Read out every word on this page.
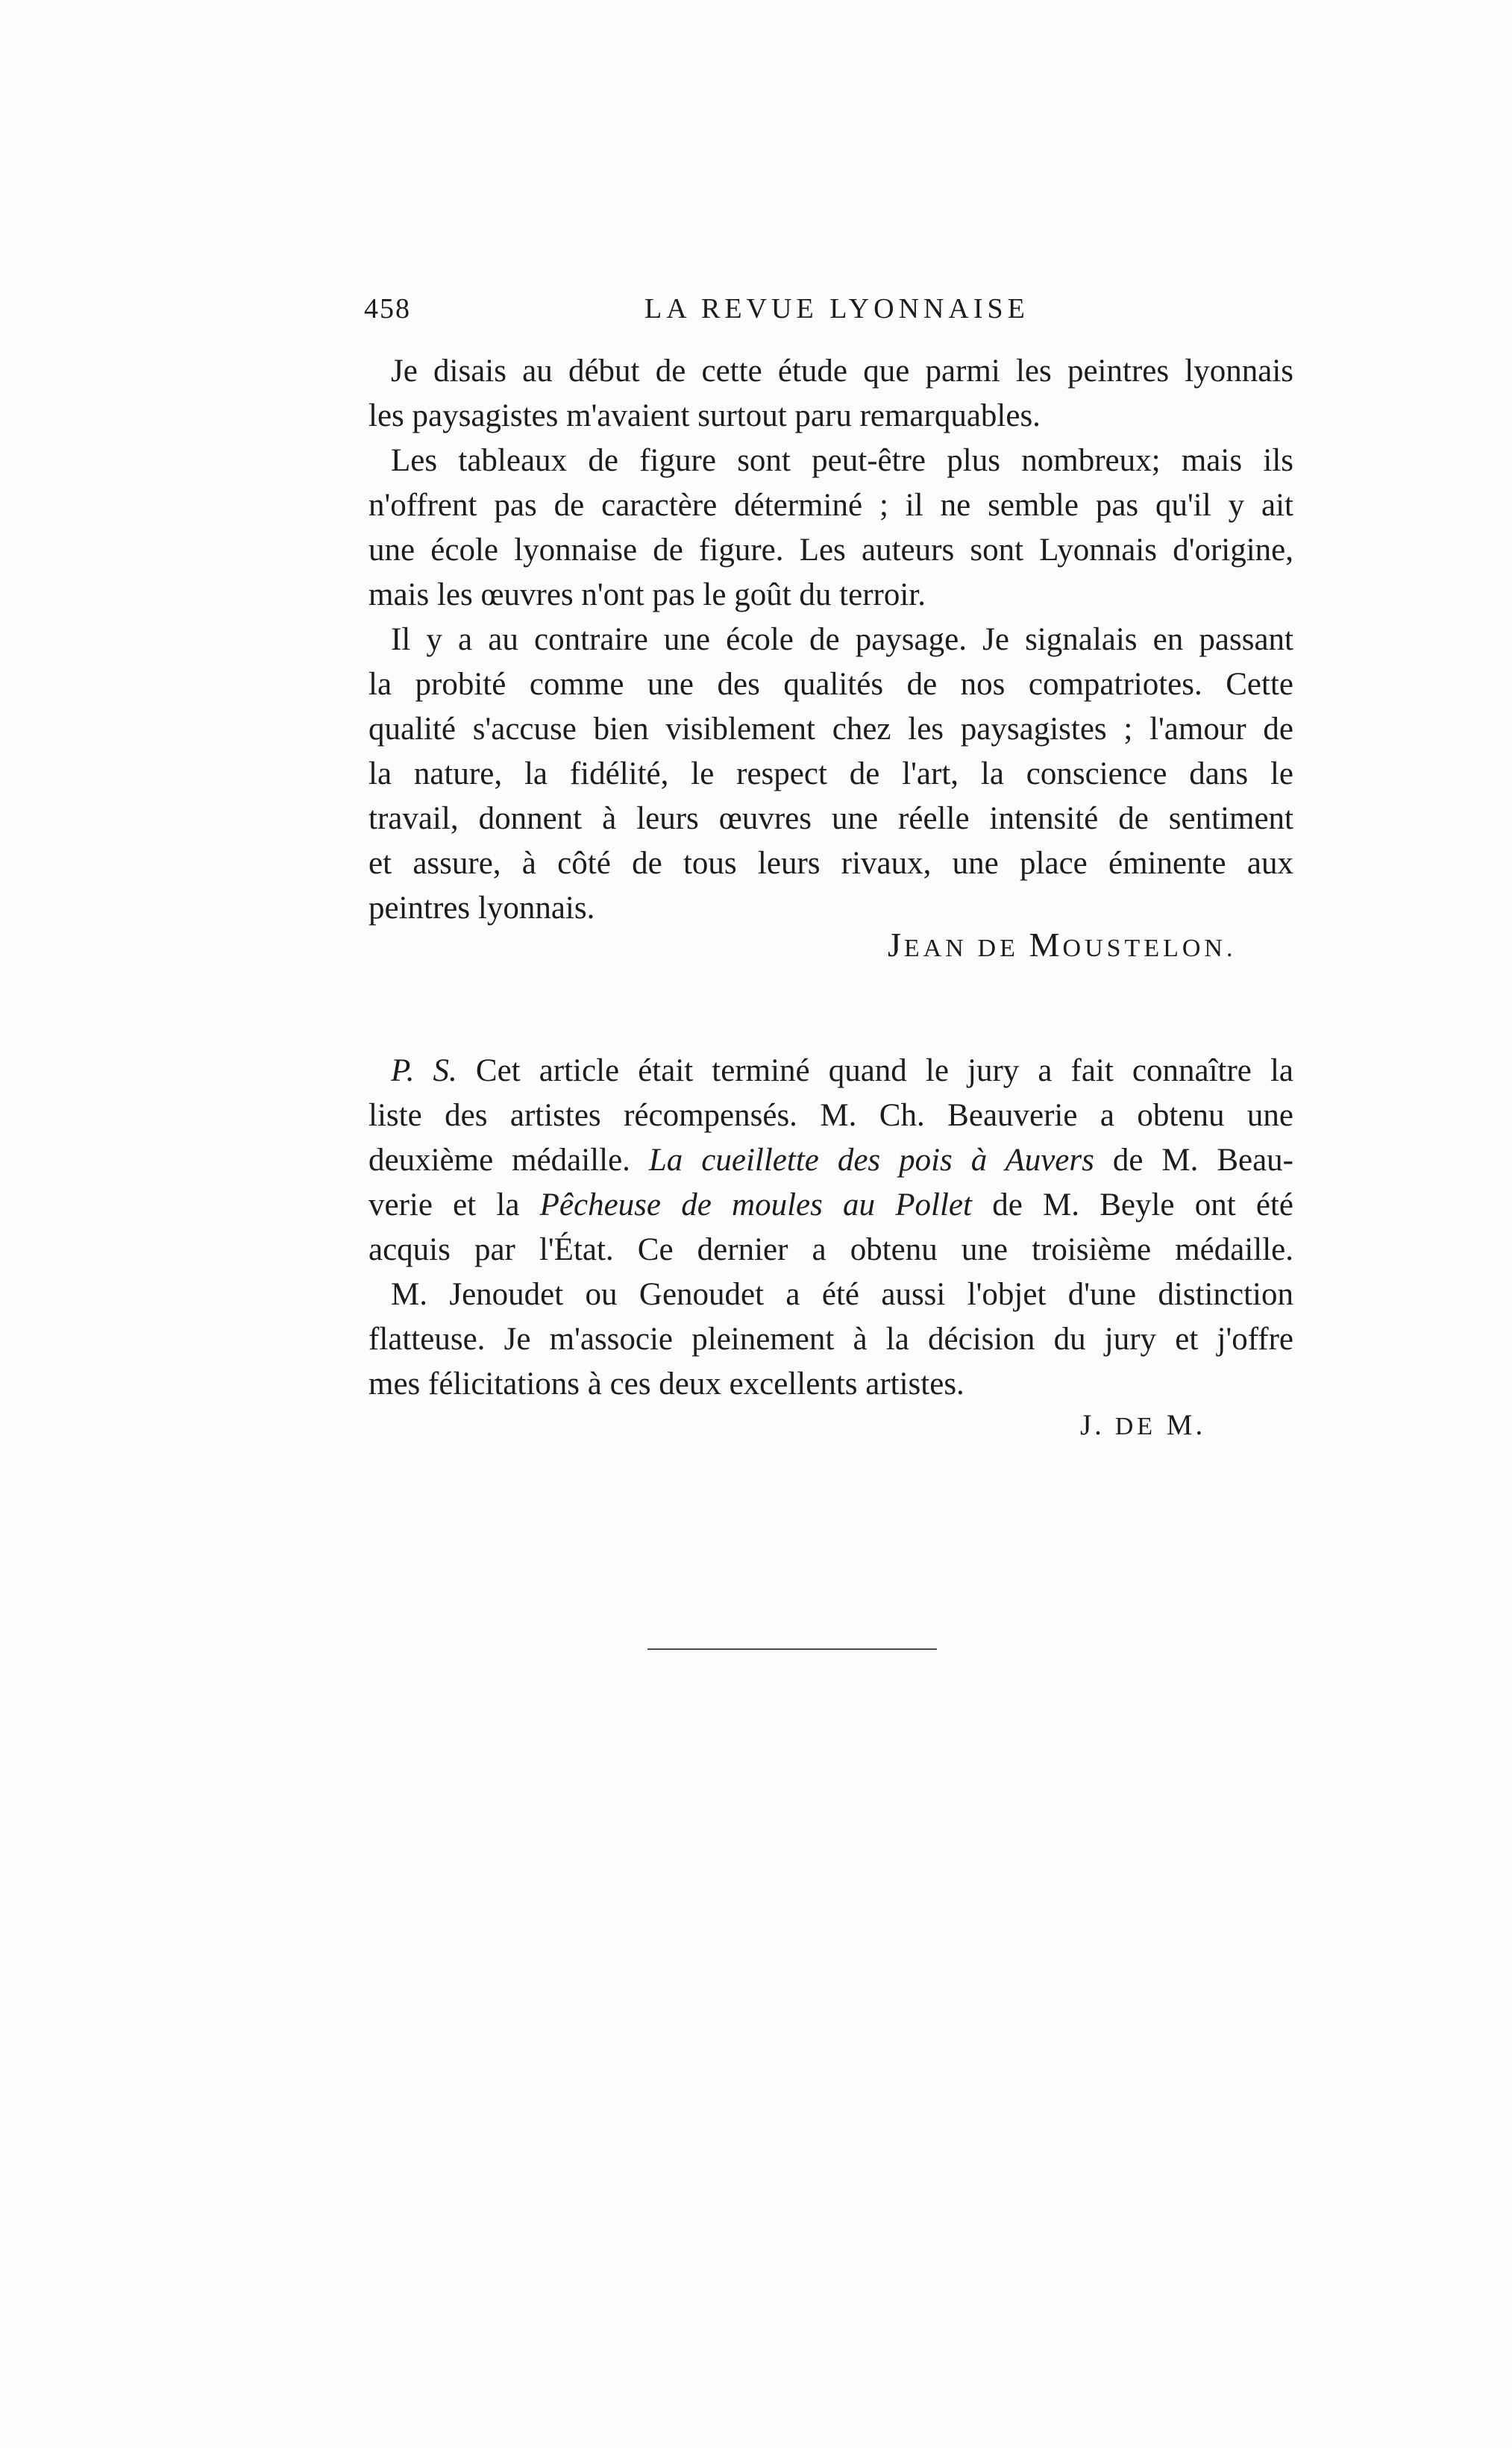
458	LA REVUE LYONNAISE
Je disais au début de cette étude que parmi les peintres lyonnais
les paysagistes m'avaient surtout paru remarquables.
Les tableaux de figure sont peut-être plus nombreux; mais ils
n'offrent pas de caractère déterminé ; il ne semble pas qu'il y ait
une école lyonnaise de figure. Les auteurs sont Lyonnais d'origine,
mais les œuvres n'ont pas le goût du terroir.
Il y a au contraire une école de paysage. Je signalais en passant
la probité comme une des qualités de nos compatriotes. Cette
qualité s'accuse bien visiblement chez les paysagistes ; l'amour de
la nature, la fidélité, le respect de l'art, la conscience dans le
travail, donnent à leurs œuvres une réelle intensité de sentiment
et assure, à côté de tous leurs rivaux, une place éminente aux
peintres lyonnais.
JEAN DE MOUSTELON.
P. S. Cet article était terminé quand le jury a fait connaître la
liste des artistes récompensés. M. Ch. Beauverie a obtenu une
deuxième médaille. La cueillette des pois à Auvers de M. Beau-
verie et la Pêcheuse de moules au Pollet de M. Beyle ont été
acquis par l'État. Ce dernier a obtenu une troisième médaille.
M. Jenoudet ou Genoudet a été aussi l'objet d'une distinction
flatteuse. Je m'associe pleinement à la décision du jury et j'offre
mes félicitations à ces deux excellents artistes.
J. DE M.
